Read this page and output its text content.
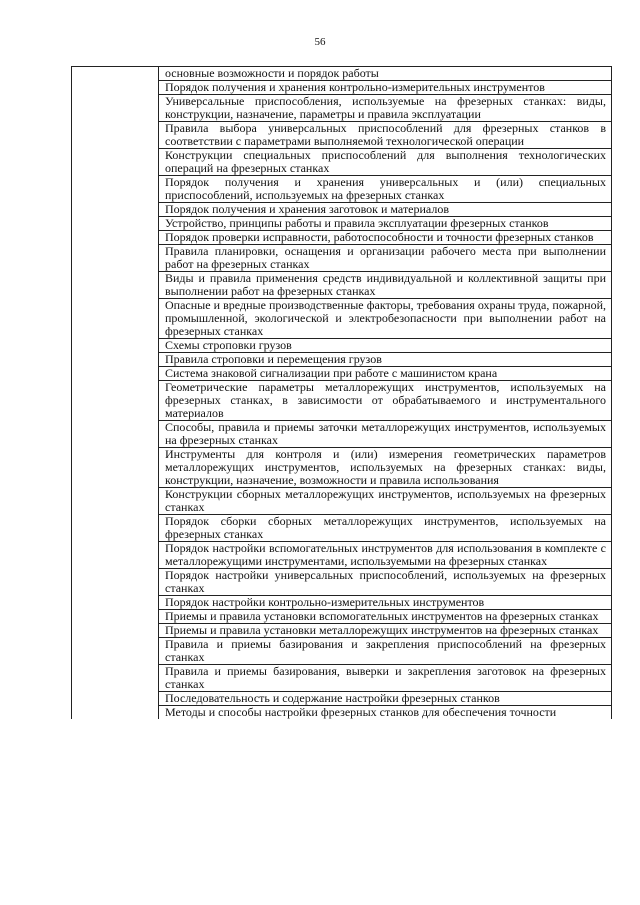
56

основные возможности и порядок работы

Порядок получения и хранения контрольно-измерительных инструментов

Универсальные приспособления, используемые на фрезерных станках: виды, конструкции, назначение, параметры и правила эксплуатации

Правила выбора универсальных приспособлений для фрезерных станков в соответствии с параметрами выполняемой технологической операции

Конструкции специальных приспособлений для выполнения технологических операций на фрезерных станках

Порядок получения и хранения универсальных и (или) специальных приспособлений, используемых на фрезерных станках

Порядок получения и хранения заготовок и материалов

Устройство, принципы работы и правила эксплуатации фрезерных станков

Порядок проверки исправности, работоспособности и точности фрезерных станков

Правила планировки, оснащения и организации рабочего места при выполнении работ на фрезерных станках

Виды и правила применения средств индивидуальной и коллективной защиты при выполнении работ на фрезерных станках

Опасные и вредные производственные факторы, требования охраны труда, пожарной, промышленной, экологической и электробезопасности при выполнении работ на фрезерных станках

Схемы строповки грузов

Правила строповки и перемещения грузов

Система знаковой сигнализации при работе с машинистом крана

Геометрические параметры металлорежущих инструментов, используемых на фрезерных станках, в зависимости от обрабатываемого и инструментального материалов

Способы, правила и приемы заточки металлорежущих инструментов, используемых на фрезерных станках

Инструменты для контроля и (или) измерения геометрических параметров металлорежущих инструментов, используемых на фрезерных станках: виды, конструкции, назначение, возможности и правила использования

Конструкции сборных металлорежущих инструментов, используемых на фрезерных станках

Порядок сборки сборных металлорежущих инструментов, используемых на фрезерных станках

Порядок настройки вспомогательных инструментов для использования в комплекте с металлорежущими инструментами, используемыми на фрезерных станках

Порядок настройки универсальных приспособлений, используемых на фрезерных станках

Порядок настройки контрольно-измерительных инструментов

Приемы и правила установки вспомогательных инструментов на фрезерных станках

Приемы и правила установки металлорежущих инструментов на фрезерных станках

Правила и приемы базирования и закрепления приспособлений на фрезерных станках

Правила и приемы базирования, выверки и закрепления заготовок на фрезерных станках

Последовательность и содержание настройки фрезерных станков

Методы и способы настройки фрезерных станков для обеспечения точности
